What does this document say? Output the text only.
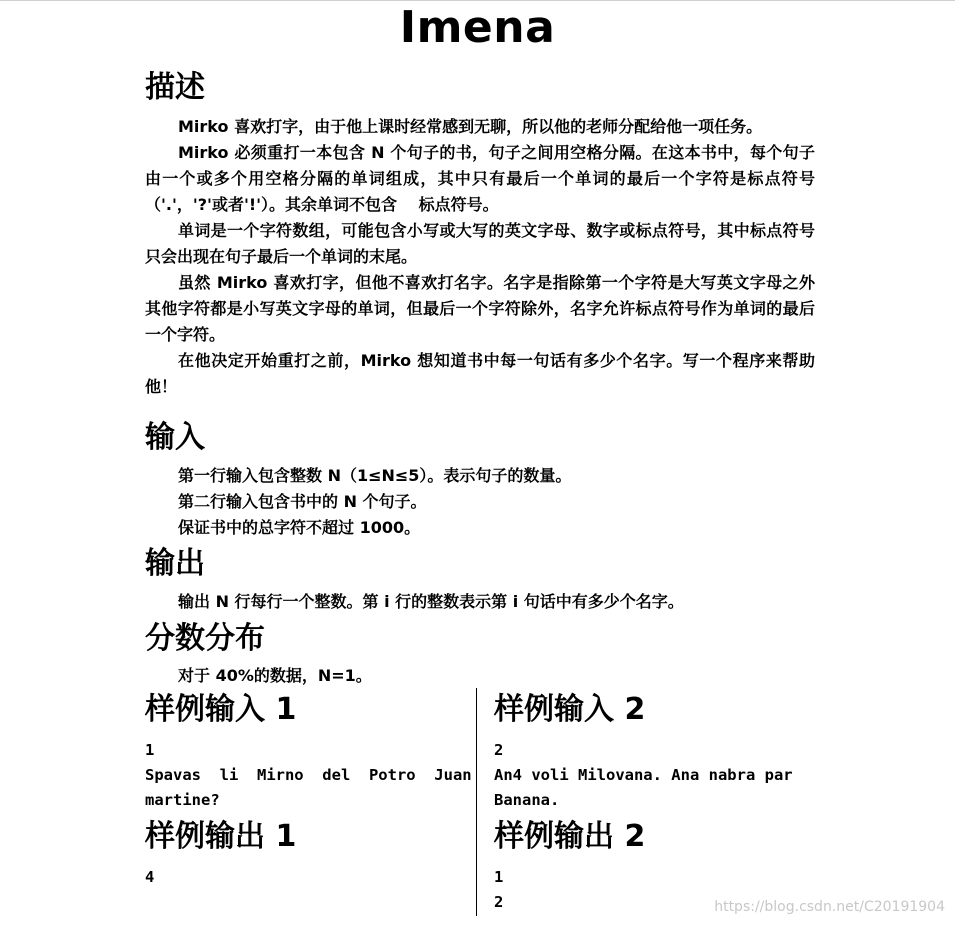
Imena
描述

Mirko 喜欢打字，由于他上课时经常感到无聊，所以他的老师分配给他一项任务。

Mirko 必须重打一本包含 N 个句子的书，句子之间用空格分隔。在这本书中，每个句子由一个或多个用空格分隔的单词组成，其中只有最后一个单词的最后一个字符是标点符号（'.'，'?'或者'!'）。其余单词不包含　 标点符号。

单词是一个字符数组，可能包含小写或大写的英文字母、数字或标点符号，其中标点符号只会出现在句子最后一个单词的末尾。

虽然 Mirko 喜欢打字，但他不喜欢打名字。名字是指除第一个字符是大写英文字母之外其他字符都是小写英文字母的单词，但最后一个字符除外，名字允许标点符号作为单词的最后一个字符。

在他决定开始重打之前，Mirko 想知道书中每一句话有多少个名字。写一个程序来帮助他！

输入

第一行输入包含整数 N（1≤N≤5）。表示句子的数量。

第二行输入包含书中的 N 个句子。

保证书中的总字符不超过 1000。

输出

输出 N 行每行一个整数。第 i 行的整数表示第 i 句话中有多少个名字。

分数分布

对于 40%的数据，N=1。

样例输入 1

1

Spavas  li  Mirno  del  Potro  Juan

martine?

样例输出 1

4

样例输入 2

2

An4 voli Milovana. Ana nabra par

Banana.

样例输出 2

1

2	https://blog.csdn.net/C20191904
